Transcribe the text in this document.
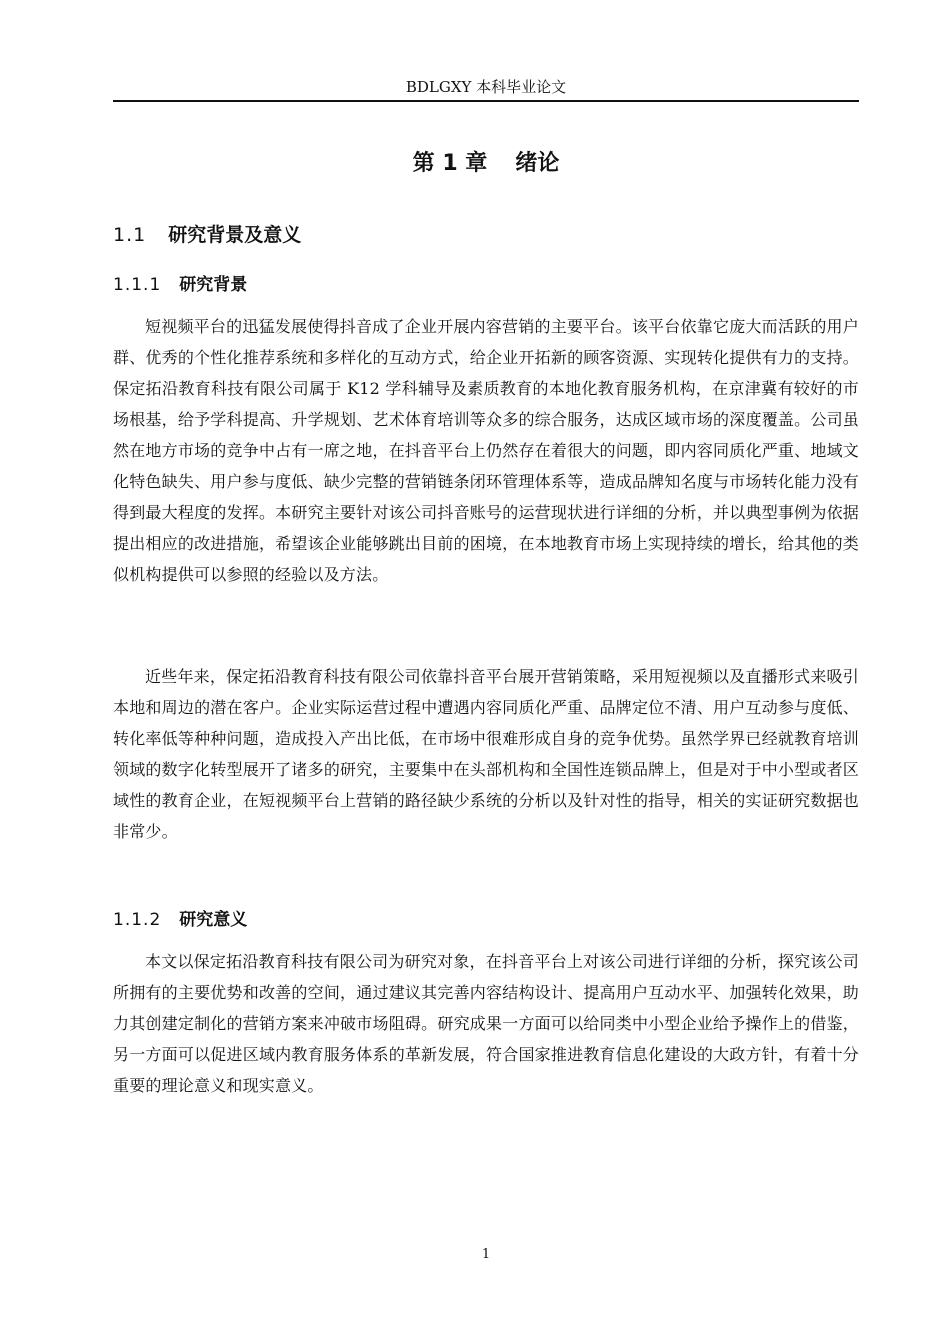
BDLGXY 本科毕业论文
第 1 章 绪论
1.1 研究背景及意义
1.1.1 研究背景

短视频平台的迅猛发展使得抖音成了企业开展内容营销的主要平台。该平台依靠它庞大而活跃的用户群、优秀的个性化推荐系统和多样化的互动方式，给企业开拓新的顾客资源、实现转化提供有力的支持。保定拓沿教育科技有限公司属于 K12 学科辅导及素质教育的本地化教育服务机构，在京津冀有较好的市场根基，给予学科提高、升学规划、艺术体育培训等众多的综合服务，达成区域市场的深度覆盖。公司虽然在地方市场的竞争中占有一席之地，在抖音平台上仍然存在着很大的问题，即内容同质化严重、地域文化特色缺失、用户参与度低、缺少完整的营销链条闭环管理体系等，造成品牌知名度与市场转化能力没有得到最大程度的发挥。本研究主要针对该公司抖音账号的运营现状进行详细的分析，并以典型事例为依据提出相应的改进措施，希望该企业能够跳出目前的困境，在本地教育市场上实现持续的增长，给其他的类似机构提供可以参照的经验以及方法。

近些年来，保定拓沿教育科技有限公司依靠抖音平台展开营销策略，采用短视频以及直播形式来吸引本地和周边的潜在客户。企业实际运营过程中遭遇内容同质化严重、品牌定位不清、用户互动参与度低、转化率低等种种问题，造成投入产出比低，在市场中很难形成自身的竞争优势。虽然学界已经就教育培训领域的数字化转型展开了诸多的研究，主要集中在头部机构和全国性连锁品牌上，但是对于中小型或者区域性的教育企业，在短视频平台上营销的路径缺少系统的分析以及针对性的指导，相关的实证研究数据也非常少。

1.1.2 研究意义

本文以保定拓沿教育科技有限公司为研究对象，在抖音平台上对该公司进行详细的分析，探究该公司所拥有的主要优势和改善的空间，通过建议其完善内容结构设计、提高用户互动水平、加强转化效果，助力其创建定制化的营销方案来冲破市场阻碍。研究成果一方面可以给同类中小型企业给予操作上的借鉴，另一方面可以促进区域内教育服务体系的革新发展，符合国家推进教育信息化建设的大政方针，有着十分重要的理论意义和现实意义。

1
